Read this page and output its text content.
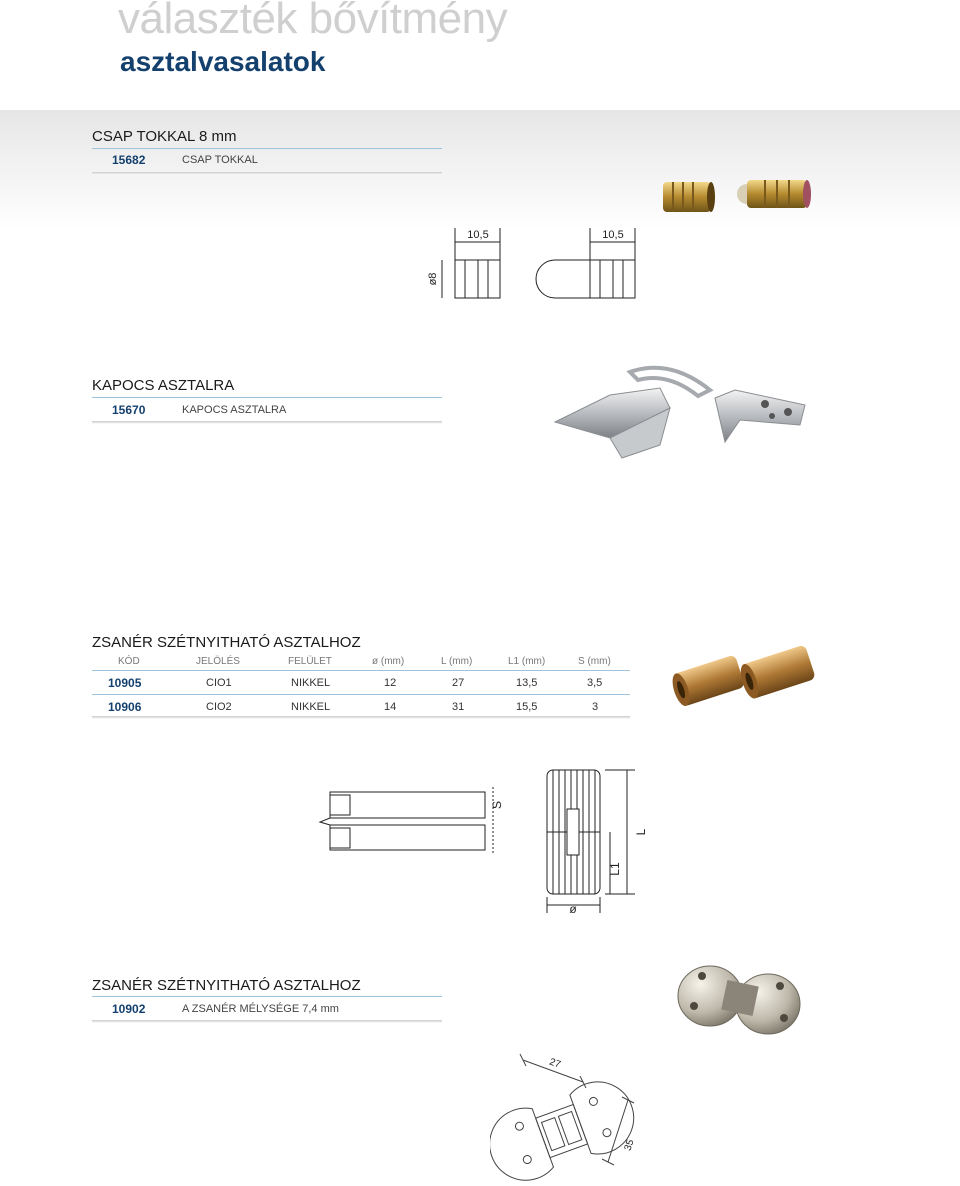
választék bővítmény
asztalvasalatok
CSAP TOKKAL 8 mm
15682	CSAP TOKKAL
10,5	10,5
ø8
KAPOCS ASZTALRA
15670	KAPOCS ASZTALRA
ZSANÉR SZÉTNYITHATÓ ASZTALHOZ
KÓD	JELÖLÉS	FELÜLET	ø (mm)	L (mm)	L1 (mm)	S (mm)
10905	CIO1	NIKKEL	12	27	13,5	3,5
10906	CIO2	NIKKEL	14	31	15,5	3
S
L
L1
ø
ZSANÉR SZÉTNYITHATÓ ASZTALHOZ
10902	A ZSANÉR MÉLYSÉGE 7,4 mm
27
35
